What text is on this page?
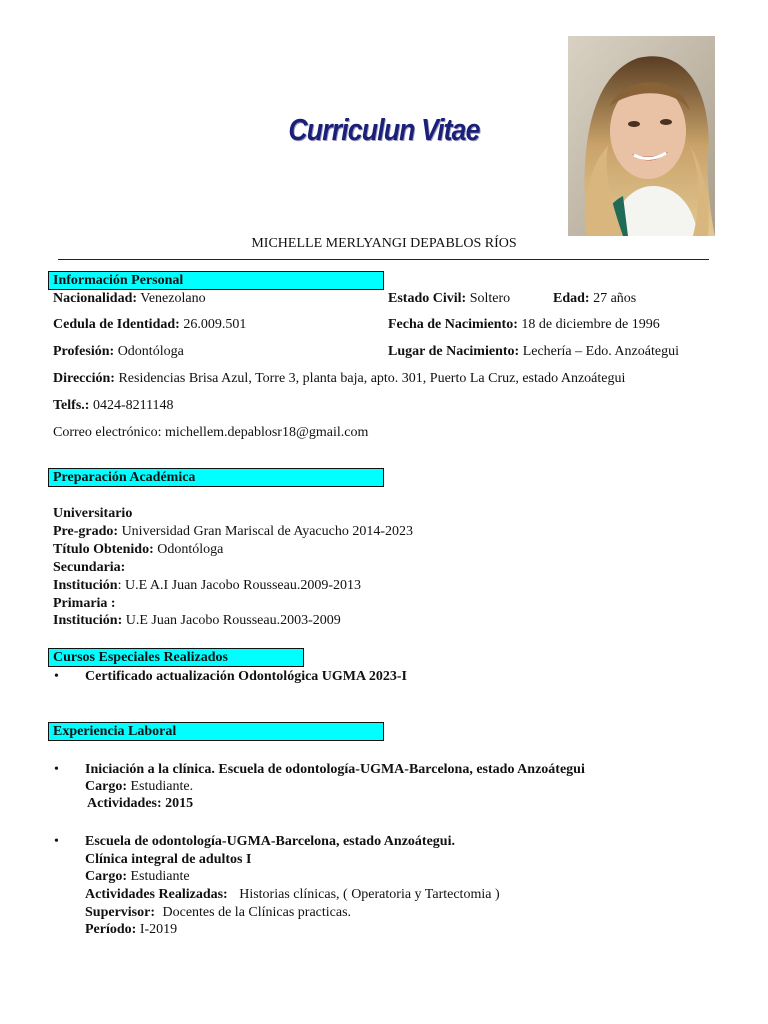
Curriculun Vitae
MICHELLE MERLYANGI DEPABLOS RÍOS
Información Personal
Nacionalidad: Venezolano	Estado Civil: Soltero	Edad: 27 años
Cedula de Identidad: 26.009.501	Fecha de Nacimiento: 18 de diciembre de 1996
Profesión: Odontóloga	Lugar de Nacimiento: Lechería – Edo. Anzoátegui
Dirección: Residencias Brisa Azul, Torre 3, planta baja, apto. 301, Puerto La Cruz, estado Anzoátegui
Telfs.: 0424-8211148
Correo electrónico: michellem.depablosr18@gmail.com
Preparación Académica
Universitario
Pre-grado: Universidad Gran Mariscal de Ayacucho 2014-2023
Título Obtenido: Odontóloga
Secundaria:
Institución: U.E A.I Juan Jacobo Rousseau.2009-2013
Primaria :
Institución: U.E Juan Jacobo Rousseau.2003-2009
Cursos Especiales Realizados
• Certificado actualización Odontológica UGMA 2023-I
Experiencia Laboral
• Iniciación a la clínica. Escuela de odontología-UGMA-Barcelona, estado Anzoátegui
Cargo: Estudiante.
Actividades: 2015
• Escuela de odontología-UGMA-Barcelona, estado Anzoátegui.
Clínica integral de adultos I
Cargo: Estudiante
Actividades Realizadas: Historias clínicas, ( Operatoria y Tartectomia )
Supervisor: Docentes de la Clínicas practicas.
Período: I-2019
